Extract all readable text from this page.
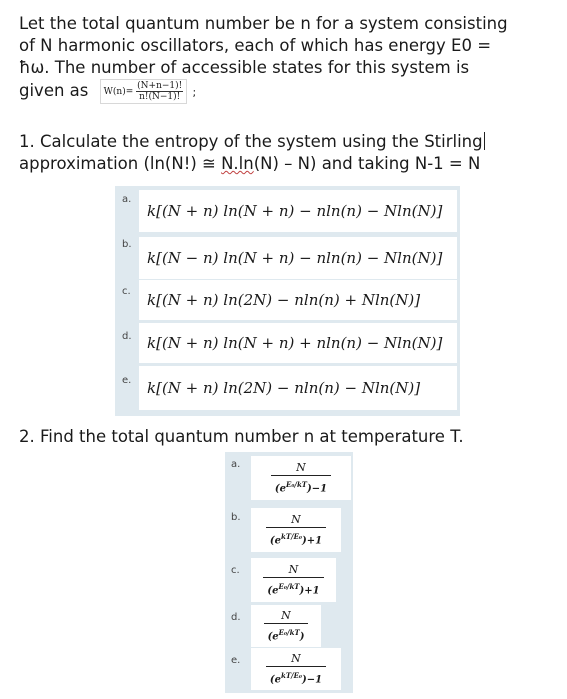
Let the total quantum number be n for a system consisting
of N harmonic oscillators, each of which has energy E0 =
ħω. The number of accessible states for this system is
given as $W(n)= \frac{(N+n-1)!}{n!(N-1)!}$ ;
1. Calculate the entropy of the system using the Stirling
approximation (ln(N!) ≅ N.ln(N) – N) and taking N-1 = N
a.
k[(N + n) ln(N + n) − nln(n) − Nln(N)]
b.
k[(N − n) ln(N + n) − nln(n) − Nln(N)]
c. k[(N + n) ln(2N) − nln(n) + Nln(N)]
d. k[(N + n) ln(N + n) + nln(n) − Nln(N)]
e. k[(N + n) ln(2N) − nln(n) − Nln(N)]
2. Find the total quantum number n at temperature T.
a.	$\frac{N}{(e^{E_0/kT})-1}$
b.	N
$(e^{kT/E_0})+1$
c.	$\frac{N}{(e^{E_0/kT})+1}$
d.	$\frac{N}{(e^{E_0/kT})}$
e.	N
$(e^{kT/E_0})-1$
